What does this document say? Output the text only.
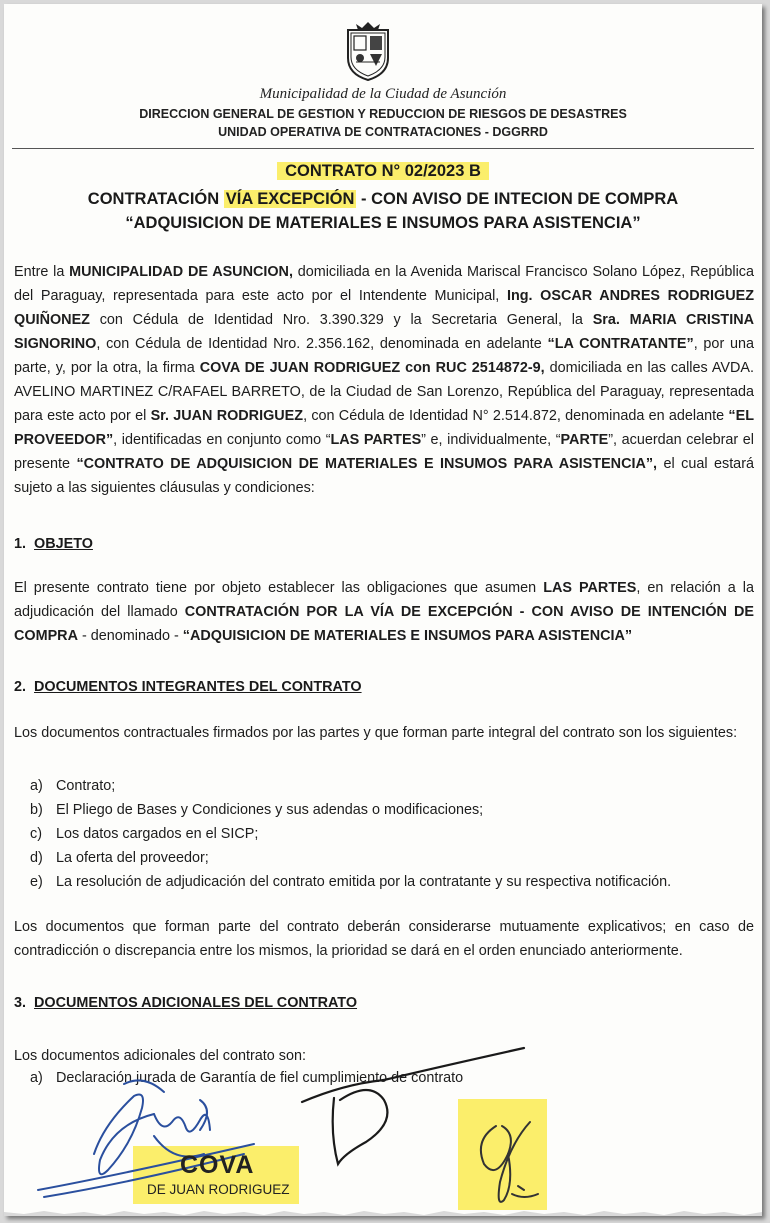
Municipalidad de la Ciudad de Asunción
DIRECCION GENERAL DE GESTION Y REDUCCION DE RIESGOS DE DESASTRES
UNIDAD OPERATIVA DE CONTRATACIONES - DGGRRD
CONTRATO N° 02/2023 B
CONTRATACIÓN VÍA EXCEPCIÓN - CON AVISO DE INTECION DE COMPRA
“ADQUISICION DE MATERIALES E INSUMOS PARA ASISTENCIA”
Entre la MUNICIPALIDAD DE ASUNCION, domiciliada en la Avenida Mariscal Francisco Solano López, República del Paraguay, representada para este acto por el Intendente Municipal, Ing. OSCAR ANDRES RODRIGUEZ QUIÑONEZ con Cédula de Identidad Nro. 3.390.329 y la Secretaria General, la Sra. MARIA CRISTINA SIGNORINO, con Cédula de Identidad Nro. 2.356.162, denominada en adelante “LA CONTRATANTE”, por una parte, y, por la otra, la firma COVA DE JUAN RODRIGUEZ con RUC 2514872-9, domiciliada en las calles AVDA. AVELINO MARTINEZ C/RAFAEL BARRETO, de la Ciudad de San Lorenzo, República del Paraguay, representada para este acto por el Sr. JUAN RODRIGUEZ, con Cédula de Identidad N° 2.514.872, denominada en adelante “EL PROVEEDOR”, identificadas en conjunto como “LAS PARTES” e, individualmente, “PARTE”, acuerdan celebrar el presente “CONTRATO DE ADQUISICION DE MATERIALES E INSUMOS PARA ASISTENCIA”, el cual estará sujeto a las siguientes cláusulas y condiciones:
1. OBJETO
El presente contrato tiene por objeto establecer las obligaciones que asumen LAS PARTES, en relación a la adjudicación del llamado CONTRATACIÓN POR LA VÍA DE EXCEPCIÓN - CON AVISO DE INTENCIÓN DE COMPRA - denominado - “ADQUISICION DE MATERIALES E INSUMOS PARA ASISTENCIA”
2. DOCUMENTOS INTEGRANTES DEL CONTRATO
Los documentos contractuales firmados por las partes y que forman parte integral del contrato son los siguientes:
a) Contrato;
b) El Pliego de Bases y Condiciones y sus adendas o modificaciones;
c) Los datos cargados en el SICP;
d) La oferta del proveedor;
e) La resolución de adjudicación del contrato emitida por la contratante y su respectiva notificación.
Los documentos que forman parte del contrato deberán considerarse mutuamente explicativos; en caso de contradicción o discrepancia entre los mismos, la prioridad se dará en el orden enunciado anteriormente.
3. DOCUMENTOS ADICIONALES DEL CONTRATO
Los documentos adicionales del contrato son:
a) Declaración jurada de Garantía de fiel cumplimiento de contrato
COVA
DE JUAN RODRIGUEZ
